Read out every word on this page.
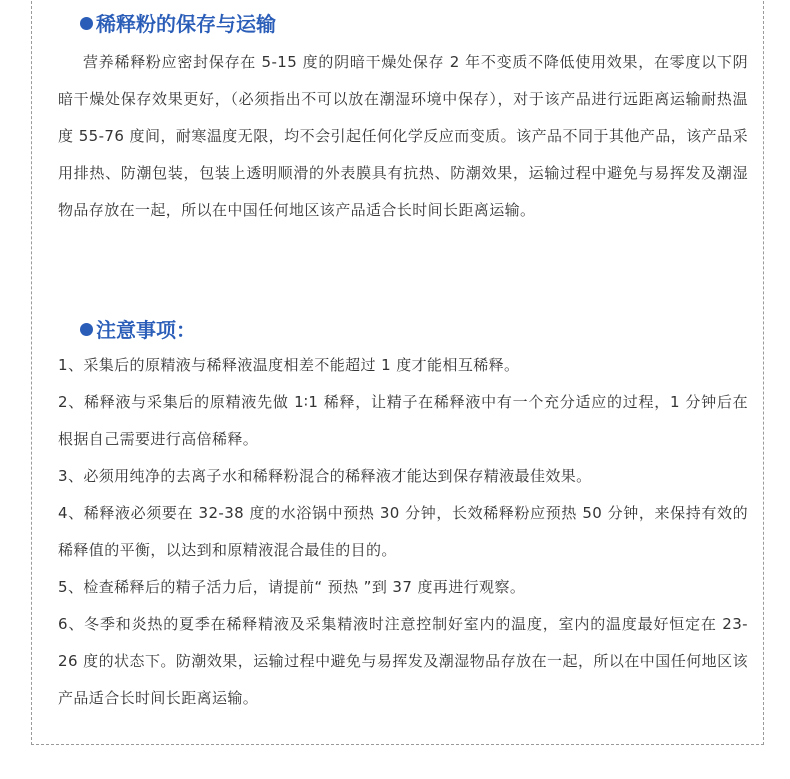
稀释粉的保存与运输

营养稀释粉应密封保存在 5-15 度的阴暗干燥处保存 2 年不变质不降低使用效果，在零度以下阴暗干燥处保存效果更好，（必须指出不可以放在潮湿环境中保存），对于该产品进行远距离运输耐热温度 55-76 度间，耐寒温度无限，均不会引起任何化学反应而变质。该产品不同于其他产品，该产品采用排热、防潮包装，包装上透明顺滑的外表膜具有抗热、防潮效果，运输过程中避免与易挥发及潮湿物品存放在一起，所以在中国任何地区该产品适合长时间长距离运输。

注意事项：
1、采集后的原精液与稀释液温度相差不能超过 1 度才能相互稀释。
2、稀释液与采集后的原精液先做 1∶1 稀释，让精子在稀释液中有一个充分适应的过程，1 分钟后在根据自己需要进行高倍稀释。
3、必须用纯净的去离子水和稀释粉混合的稀释液才能达到保存精液最佳效果。
4、稀释液必须要在 32-38 度的水浴锅中预热 30 分钟，长效稀释粉应预热 50 分钟，来保持有效的稀释值的平衡，以达到和原精液混合最佳的目的。
5、检查稀释后的精子活力后，请提前“ 预热 ”到 37 度再进行观察。
6、冬季和炎热的夏季在稀释精液及采集精液时注意控制好室内的温度，室内的温度最好恒定在 23-26 度的状态下。防潮效果，运输过程中避免与易挥发及潮湿物品存放在一起，所以在中国任何地区该产品适合长时间长距离运输。
